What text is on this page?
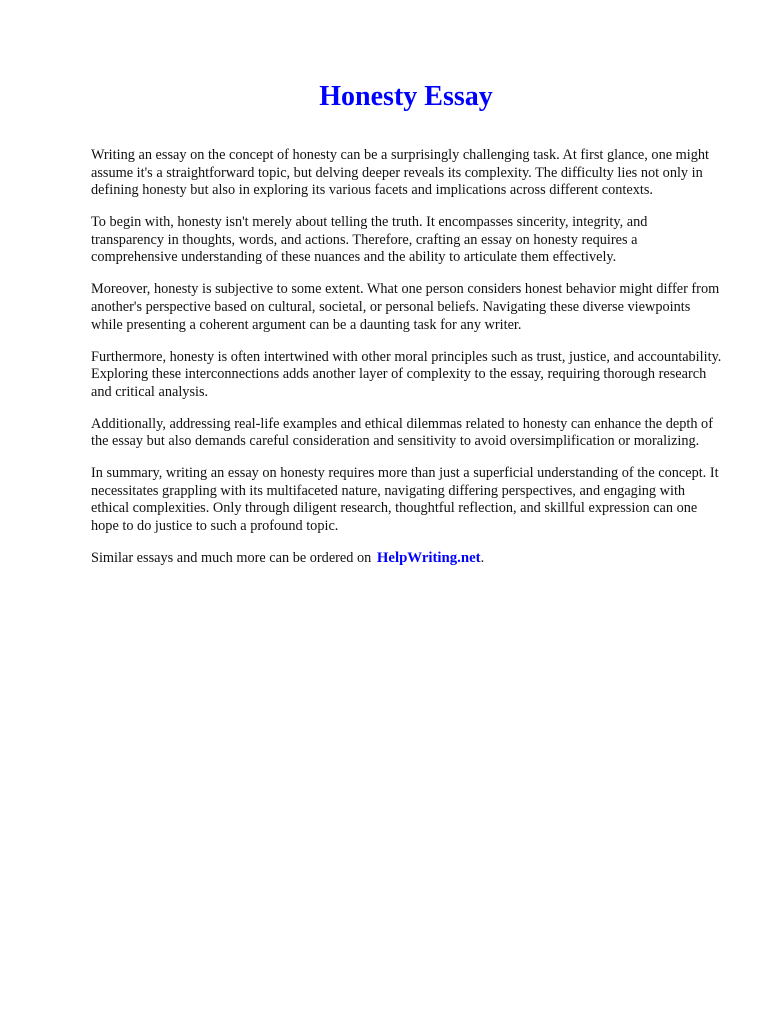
Honesty Essay

Writing an essay on the concept of honesty can be a surprisingly challenging task. At first glance, one might assume it's a straightforward topic, but delving deeper reveals its complexity. The difficulty lies not only in defining honesty but also in exploring its various facets and implications across different contexts.

To begin with, honesty isn't merely about telling the truth. It encompasses sincerity, integrity, and transparency in thoughts, words, and actions. Therefore, crafting an essay on honesty requires a comprehensive understanding of these nuances and the ability to articulate them effectively.

Moreover, honesty is subjective to some extent. What one person considers honest behavior might differ from another's perspective based on cultural, societal, or personal beliefs. Navigating these diverse viewpoints while presenting a coherent argument can be a daunting task for any writer.

Furthermore, honesty is often intertwined with other moral principles such as trust, justice, and accountability. Exploring these interconnections adds another layer of complexity to the essay, requiring thorough research and critical analysis.

Additionally, addressing real-life examples and ethical dilemmas related to honesty can enhance the depth of the essay but also demands careful consideration and sensitivity to avoid oversimplification or moralizing.

In summary, writing an essay on honesty requires more than just a superficial understanding of the concept. It necessitates grappling with its multifaceted nature, navigating differing perspectives, and engaging with ethical complexities. Only through diligent research, thoughtful reflection, and skillful expression can one hope to do justice to such a profound topic.

Similar essays and much more can be ordered on HelpWriting.net.
